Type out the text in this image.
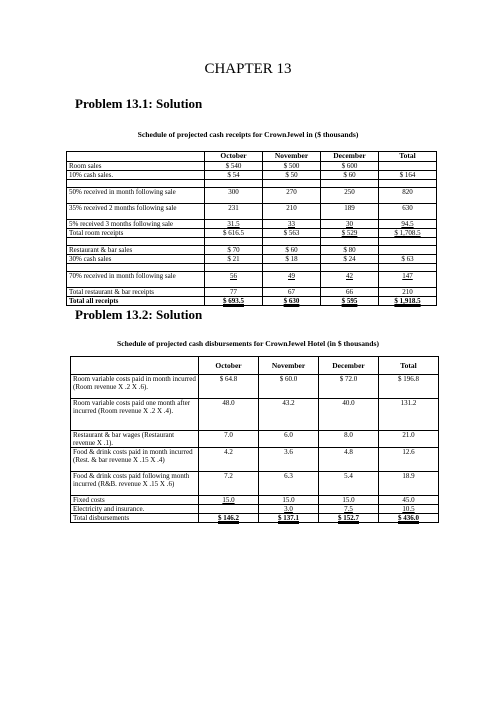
CHAPTER 13
Problem 13.1: Solution
Schedule of projected cash receipts for CrownJewel in ($ thousands)
	October	November	December	Total
Room sales	$ 540	$ 500	$ 600	
10% cash sales.	$ 54	$ 50	$ 60	$ 164

50% received in month following sale	300	270	250	820
35% received 2 months following sale	231	210	189	630
5% received 3 months following sale	31.5	33	30	94.5
Total room receipts	$ 616.5	$ 563	$ 529	$ 1,708.5

Restaurant & bar sales	$ 70	$ 60	$ 80	
30% cash sales	$ 21	$ 18	$ 24	$ 63

70% received in month following sale	56	49	42	147
Total restaurant & bar receipts	77	67	66	210
Total all receipts	$ 693.5	$ 630	$ 595	$ 1,918.5
Problem 13.2: Solution
Schedule of projected cash disbursements for CrownJewel Hotel (in $ thousands)
	October	November	December	Total
Room variable costs paid in month incurred (Room revenue X .2 X .6).	$ 64.8	$ 60.0	$ 72.0	$ 196.8
Room variable costs paid one month after incurred (Room revenue X .2 X .4).	48.0	43.2	40.0	131.2
Restaurant & bar wages (Restaurant revenue X .1).	7.0	6.0	8.0	21.0
Food & drink costs paid in month incurred (Rest. & bar revenue X .15 X .4)	4.2	3.6	4.8	12.6
Food & drink costs paid following month incurred (R&B. revenue X .15 X .6)	7.2	6.3	5.4	18.9
Fixed costs	15.0	15.0	15.0	45.0
Electricity and insurance.		3.0	7.5	10.5
Total disbursements	$ 146.2	$ 137.1	$ 152.7	$ 436.0
